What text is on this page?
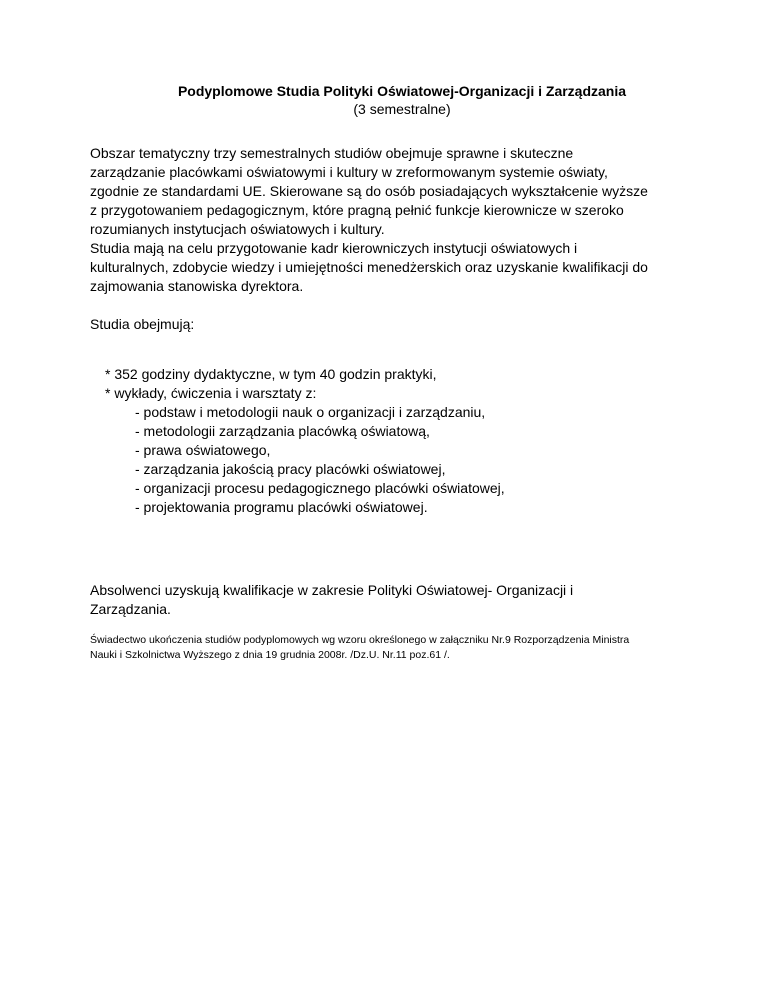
Podyplomowe Studia Polityki Oświatowej-Organizacji i Zarządzania
(3 semestralne)
Obszar tematyczny trzy semestralnych studiów obejmuje sprawne i skuteczne
zarządzanie placówkami oświatowymi i kultury w zreformowanym systemie oświaty,
zgodnie ze standardami UE. Skierowane są do osób posiadających wykształcenie wyższe
z przygotowaniem pedagogicznym, które pragną pełnić funkcje kierownicze w szeroko
rozumianych instytucjach oświatowych i kultury.
Studia mają na celu przygotowanie kadr kierowniczych instytucji oświatowych i
kulturalnych, zdobycie wiedzy i umiejętności menedżerskich oraz uzyskanie kwalifikacji do
zajmowania stanowiska dyrektora.
Studia obejmują:
* 352 godziny dydaktyczne, w tym 40 godzin praktyki,
* wykłady, ćwiczenia i warsztaty z:
- podstaw i metodologii nauk o organizacji i zarządzaniu,
- metodologii zarządzania placówką oświatową,
- prawa oświatowego,
- zarządzania jakością pracy placówki oświatowej,
- organizacji procesu pedagogicznego placówki oświatowej,
- projektowania programu placówki oświatowej.
Absolwenci uzyskują kwalifikacje w zakresie Polityki Oświatowej- Organizacji i
Zarządzania.
Świadectwo ukończenia studiów podyplomowych wg wzoru określonego w załączniku Nr.9 Rozporządzenia Ministra
Nauki i Szkolnictwa Wyższego z dnia 19 grudnia 2008r. /Dz.U. Nr.11 poz.61 /.
